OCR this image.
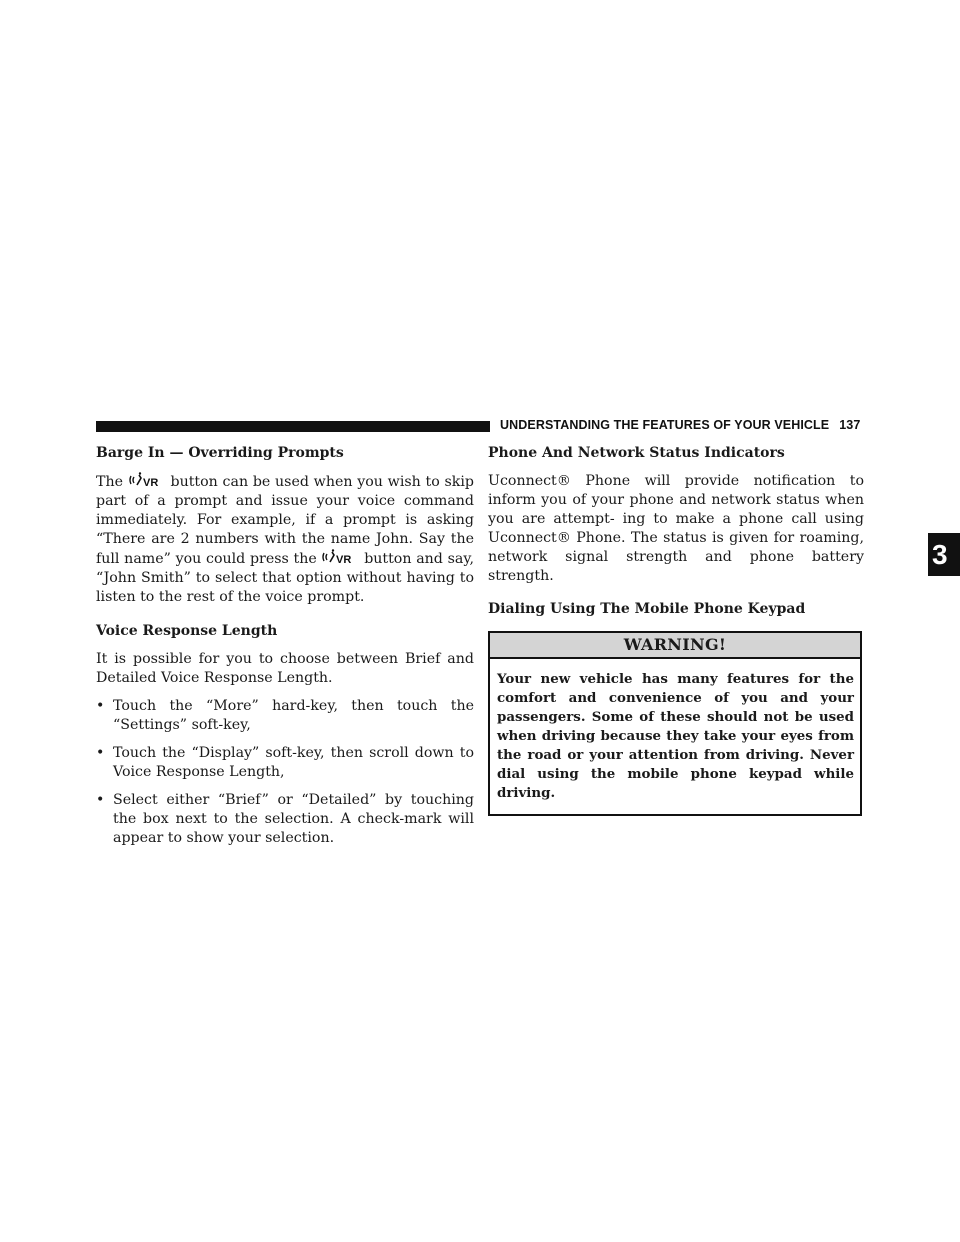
UNDERSTANDING THE FEATURES OF YOUR VEHICLE 137
3
Barge In — Overriding Prompts

The VR button can be used when you wish to skip part of a prompt and issue your voice command immediately. For example, if a prompt is asking “There are 2 numbers with the name John. Say the full name” you could press the VR button and say, “John Smith” to select that option without having to listen to the rest of the voice prompt.

Voice Response Length

It is possible for you to choose between Brief and Detailed Voice Response Length.

• Touch the “More” hard-key, then touch the “Settings” soft-key,
• Touch the “Display” soft-key, then scroll down to Voice Response Length,
• Select either “Brief” or “Detailed” by touching the box next to the selection. A check-mark will appear to show your selection.
Phone And Network Status Indicators

Uconnect® Phone will provide notification to inform you of your phone and network status when you are attempt- ing to make a phone call using Uconnect® Phone. The status is given for roaming, network signal strength and phone battery strength.

Dialing Using The Mobile Phone Keypad
WARNING!
Your new vehicle has many features for the comfort and convenience of you and your passengers. Some of these should not be used when driving because they take your eyes from the road or your attention from driving. Never dial using the mobile phone keypad while driving.
